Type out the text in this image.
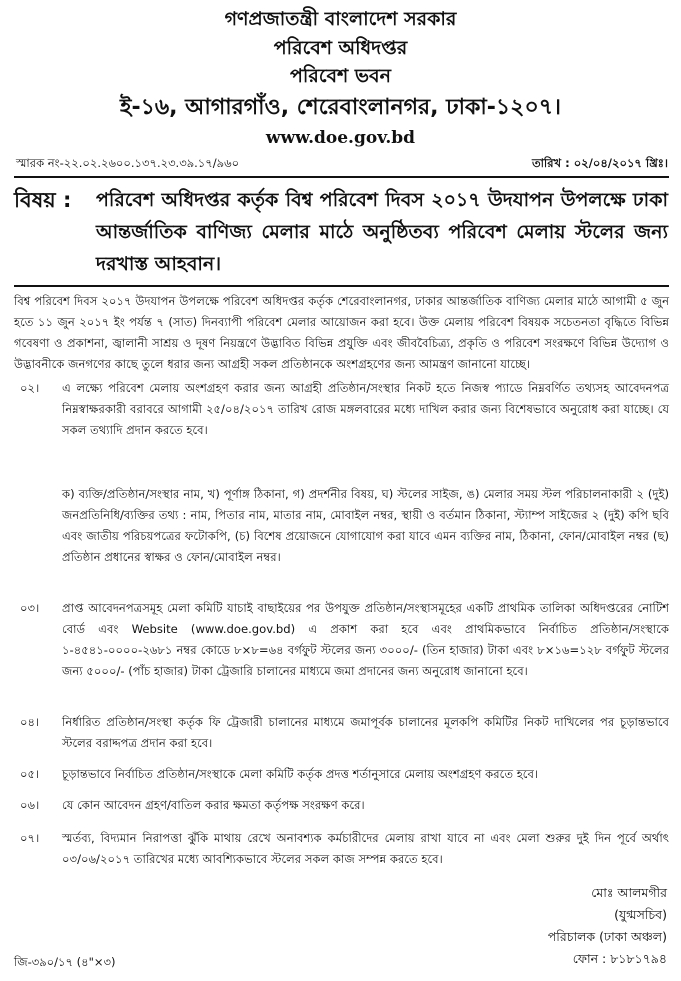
গণপ্রজাতন্ত্রী বাংলাদেশ সরকার
পরিবেশ অধিদপ্তর
পরিবেশ ভবন
ই-১৬, আগারগাঁও, শেরেবাংলানগর, ঢাকা-১২০৭।
www.doe.gov.bd
স্মারক নং-২২.০২.২৬০০.১৩৭.২৩.৩৯.১৭/৯৬০	তারিখ : ০২/০৪/২০১৭ খ্রিঃ।
বিষয় : পরিবেশ অধিদপ্তর কর্তৃক বিশ্ব পরিবেশ দিবস ২০১৭ উদযাপন উপলক্ষে ঢাকা আন্তর্জাতিক বাণিজ্য মেলার মাঠে অনুষ্ঠিতব্য পরিবেশ মেলায় স্টলের জন্য দরখাস্ত আহবান।
বিশ্ব পরিবেশ দিবস ২০১৭ উদযাপন উপলক্ষে পরিবেশ অধিদপ্তর কর্তৃক শেরেবাংলানগর, ঢাকার আন্তর্জাতিক বাণিজ্য মেলার মাঠে আগামী ৫ জুন হতে ১১ জুন ২০১৭ ইং পর্যন্ত ৭ (সাত) দিনব্যাপী পরিবেশ মেলার আয়োজন করা হবে। উক্ত মেলায় পরিবেশ বিষয়ক সচেতনতা বৃদ্ধিতে বিভিন্ন গবেষণা ও প্রকাশনা, জ্বালানী সাশ্রয় ও দূষণ নিয়ন্ত্রণে উদ্ভাবিত বিভিন্ন প্রযুক্তি এবং জীববৈচিত্র্য, প্রকৃতি ও পরিবেশ সংরক্ষণে বিভিন্ন উদ্যোগ ও উদ্ভাবনীকে জনগণের কাছে তুলে ধরার জন্য আগ্রহী সকল প্রতিষ্ঠানকে অংশগ্রহণের জন্য আমন্ত্রণ জানানো যাচ্ছে।
০২। এ লক্ষ্যে পরিবেশ মেলায় অংশগ্রহণ করার জন্য আগ্রহী প্রতিষ্ঠান/সংস্থার নিকট হতে নিজস্ব প্যাডে নিম্নবর্ণিত তথ্যসহ আবেদনপত্র নিম্নস্বাক্ষরকারী বরাবরে আগামী ২৫/০৪/২০১৭ তারিখ রোজ মঙ্গলবারের মধ্যে দাখিল করার জন্য বিশেষভাবে অনুরোধ করা যাচ্ছে। যে সকল তথ্যাদি প্রদান করতে হবে।
ক) ব্যক্তি/প্রতিষ্ঠান/সংস্থার নাম, খ) পূর্ণাঙ্গ ঠিকানা, গ) প্রদর্শনীর বিষয়, ঘ) স্টলের সাইজ, ঙ) মেলার সময় স্টল পরিচালনাকারী ২ (দুই) জনপ্রতিনিধি/ব্যক্তির তথ্য : নাম, পিতার নাম, মাতার নাম, মোবাইল নম্বর, স্থায়ী ও বর্তমান ঠিকানা, স্ট্যাম্প সাইজের ২ (দুই) কপি ছবি এবং জাতীয় পরিচয়পত্রের ফটোকপি, (চ) বিশেষ প্রয়োজনে যোগাযোগ করা যাবে এমন ব্যক্তির নাম, ঠিকানা, ফোন/মোবাইল নম্বর (ছ) প্রতিষ্ঠান প্রধানের স্বাক্ষর ও ফোন/মোবাইল নম্বর।
০৩। প্রাপ্ত আবেদনপত্রসমূহ মেলা কমিটি যাচাই বাছাইয়ের পর উপযুক্ত প্রতিষ্ঠান/সংস্থাসমূহের একটি প্রাথমিক তালিকা অধিদপ্তরের নোটিশ বোর্ড এবং Website (www.doe.gov.bd) এ প্রকাশ করা হবে এবং প্রাথমিকভাবে নির্বাচিত প্রতিষ্ঠান/সংস্থাকে ১-৪৫৪১-০০০০-২৬৮১ নম্বর কোডে ৮×৮=৬৪ বর্গফুট স্টলের জন্য ৩০০০/- (তিন হাজার) টাকা এবং ৮×১৬=১২৮ বর্গফুট স্টলের জন্য ৫০০০/- (পাঁচ হাজার) টাকা ট্রেজারি চালানের মাধ্যমে জমা প্রদানের জন্য অনুরোধ জানানো হবে।
০৪। নির্ধারিত প্রতিষ্ঠান/সংস্থা কর্তৃক ফি ট্রেজারী চালানের মাধ্যমে জমাপূর্বক চালানের মূলকপি কমিটির নিকট দাখিলের পর চূড়ান্তভাবে স্টলের বরাদ্দপত্র প্রদান করা হবে।
০৫। চূড়ান্তভাবে নির্বাচিত প্রতিষ্ঠান/সংস্থাকে মেলা কমিটি কর্তৃক প্রদত্ত শর্তানুসারে মেলায় অংশগ্রহণ করতে হবে।
০৬। যে কোন আবেদন গ্রহণ/বাতিল করার ক্ষমতা কর্তৃপক্ষ সংরক্ষণ করে।
০৭। স্মর্তব্য, বিদ্যমান নিরাপত্তা ঝুঁকি মাথায় রেখে অনাবশ্যক কর্মচারীদের মেলায় রাখা যাবে না এবং মেলা শুরুর দুই দিন পূর্বে অর্থাৎ ০৩/০৬/২০১৭ তারিখের মধ্যে আবশ্যিকভাবে স্টলের সকল কাজ সম্পন্ন করতে হবে।
মোঃ আলমগীর
(যুগ্মসচিব)
পরিচালক (ঢাকা অঞ্চল)
ফোন : ৮১৮১৭৯৪
জি-৩৯০/১৭ (৪"×৩)
